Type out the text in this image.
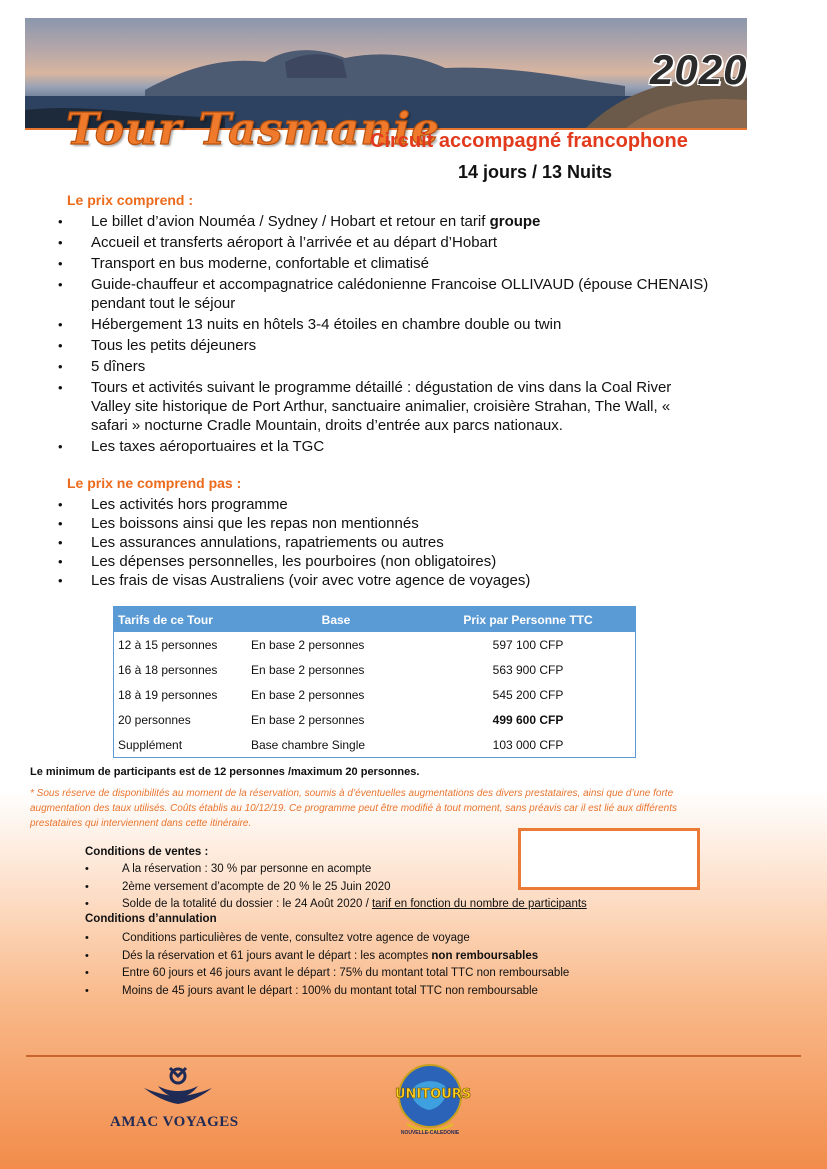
2020
Tour Tasmanie
Circuit accompagné francophone
14 jours / 13 Nuits
Le prix comprend :
• Le billet d’avion Nouméa / Sydney / Hobart et retour en tarif groupe
• Accueil et transferts aéroport à l’arrivée et au départ d’Hobart
• Transport en bus moderne, confortable et climatisé
• Guide-chauffeur et accompagnatrice calédonienne Francoise OLLIVAUD (épouse CHENAIS) pendant tout le séjour
• Hébergement 13 nuits en hôtels 3-4 étoiles en chambre double ou twin
• Tous les petits déjeuners
• 5 dîners
• Tours et activités suivant le programme détaillé : dégustation de vins dans la Coal River Valley site historique de Port Arthur, sanctuaire animalier, croisière Strahan, The Wall, « safari » nocturne Cradle Mountain, droits d’entrée aux parcs nationaux.
• Les taxes aéroportuaires et la TGC
Le prix ne comprend pas :
• Les activités hors programme
• Les boissons ainsi que les repas non mentionnés
• Les assurances annulations, rapatriements ou autres
• Les dépenses personnelles, les pourboires (non obligatoires)
• Les frais de visas Australiens (voir avec votre agence de voyages)
Tarifs de ce Tour	Base	Prix par Personne TTC
12 à 15 personnes	En base 2 personnes	597 100 CFP
16 à 18 personnes	En base 2 personnes	563 900 CFP
18 à 19 personnes	En base 2 personnes	545 200 CFP
20 personnes	En base 2 personnes	499 600 CFP
Supplément	Base chambre Single	103 000 CFP
Le minimum de participants est de 12 personnes /maximum 20 personnes.
* Sous réserve de disponibilités au moment de la réservation, soumis à d’éventuelles augmentations des divers prestataires, ainsi que d’une forte augmentation des taux utilisés. Coûts établis au 10/12/19. Ce programme peut être modifié à tout moment, sans préavis car il est lié aux différents prestataires qui interviennent dans cette itinéraire.
Conditions de ventes :
• A la réservation : 30 % par personne en acompte
• 2ème versement d’acompte de 20 % le 25 Juin 2020
• Solde de la totalité du dossier : le 24 Août 2020 / tarif en fonction du nombre de participants
Conditions d’annulation
• Conditions particulières de vente, consultez votre agence de voyage
• Dés la réservation et 61 jours avant le départ : les acomptes non remboursables
• Entre 60 jours et 46 jours avant le départ : 75% du montant total TTC non remboursable
• Moins de 45 jours avant le départ : 100% du montant total TTC non remboursable
AMAC VOYAGES
UNITOURS
NOUVELLE-CALEDONIE
